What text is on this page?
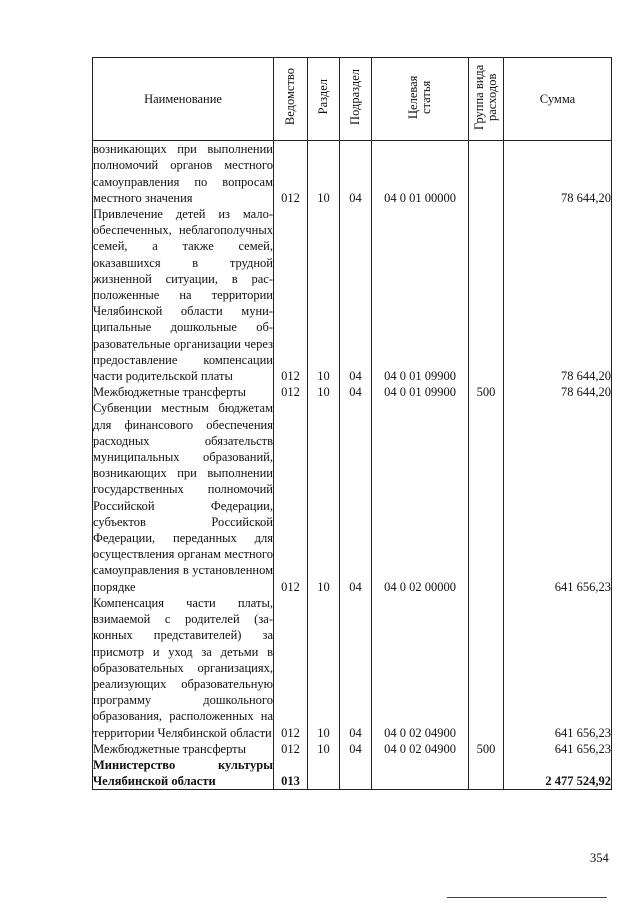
Наименование	Ведомство	Раздел	Подраздел	Целевая статья	Группа вида расходов	Сумма
возникающих при выполнении полномочий органов местного самоуправления по вопросам местного значения	012	10	04	04 0 01 00000		78 644,20
Привлечение детей из малообеспеченных, неблагополучных семей, а также семей, оказавшихся в трудной жизненной ситуации, в расположенные на территории Челябинской области муниципальные дошкольные образовательные организации через предоставление компенсации части родительской платы	012	10	04	04 0 01 09900		78 644,20
Межбюджетные трансферты	012	10	04	04 0 01 09900	500	78 644,20
Субвенции местным бюджетам для финансового обеспечения расходных обязательств муниципальных образований, возникающих при выполнении государственных полномочий Российской Федерации, субъектов Российской Федерации, переданных для осуществления органам местного самоуправления в установленном порядке	012	10	04	04 0 02 00000		641 656,23
Компенсация части платы, взимаемой с родителей (законных представителей) за присмотр и уход за детьми в образовательных организациях, реализующих образовательную программу дошкольного образования, расположенных на территории Челябинской области	012	10	04	04 0 02 04900		641 656,23
Межбюджетные трансферты	012	10	04	04 0 02 04900	500	641 656,23
Министерство культуры Челябинской области	013					2 477 524,92
354
